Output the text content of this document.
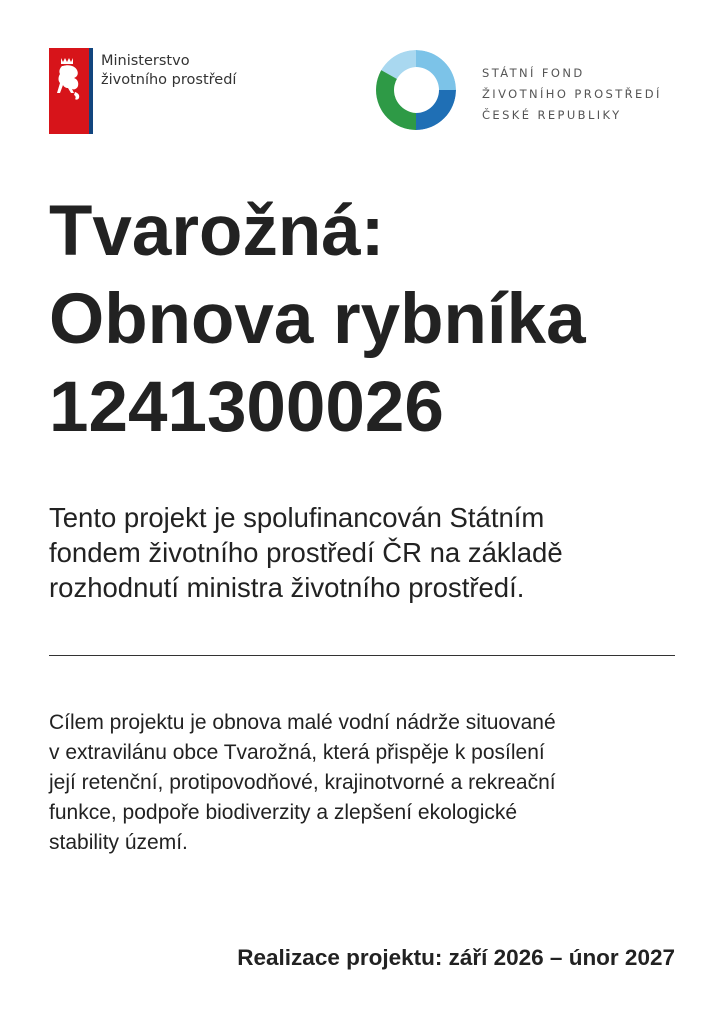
Ministerstvo
životního prostředí	STÁTNÍ FOND
ŽIVOTNÍHO PROSTŘEDÍ
ČESKÉ REPUBLIKY
Tvarožná:
Obnova rybníka
1241300026

Tento projekt je spolufinancován Státním
fondem životního prostředí ČR na základě
rozhodnutí ministra životního prostředí.

Cílem projektu je obnova malé vodní nádrže situované
v extravilánu obce Tvarožná, která přispěje k posílení
její retenční, protipovodňové, krajinotvorné a rekreační
funkce, podpoře biodiverzity a zlepšení ekologické
stability území.

Realizace projektu: září 2026 – únor 2027
